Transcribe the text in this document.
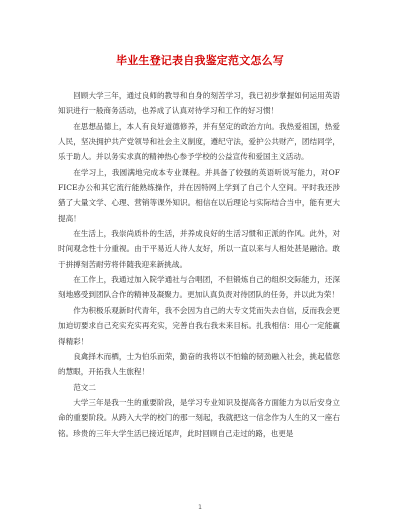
毕业生登记表自我鉴定范文怎么写

回顾大学三年，通过良师的教导和自身的刻苦学习，我已初步掌握如何运用英语知识进行一般商务活动，也养成了认真对待学习和工作的好习惯！

在思想品德上，本人有良好道德修养，并有坚定的政治方向。我热爱祖国，热爱人民，坚决拥护共产党领导和社会主义制度，遵纪守法，爱护公共财产，团结同学，乐于助人。并以务实求真的精神热心参予学校的公益宣传和爱国主义活动。

在学习上，我圆满地完成本专业课程。并具备了较强的英语听说写能力，对OFFICE办公和其它流行能熟练操作，并在因特网上学到了自己个人空间。平时我还涉猎了大量文学、心理、营销等课外知识。相信在以后理论与实际结合当中，能有更大提高！

在生活上，我崇尚质朴的生活，并养成良好的生活习惯和正派的作风。此外，对时间观念性十分重视。由于平易近人待人友好，所以一直以来与人相处甚是融洽。敢于拼搏刻苦耐劳将伴随我迎来新挑战。

在工作上，我通过加入院学通社与合唱团，不但锻炼自己的组织交际能力，还深刻地感受到团队合作的精神及凝聚力。更加认真负责对待团队的任务，并以此为荣！

作为积极乐观新时代青年，我不会因为自己的大专文凭而失去自信，反而我会更加迫切要求自己充实充实再充实，完善自我右我未来目标。扎我相信：用心一定能赢得精彩！

良禽择木而栖，士为伯乐而荣，勤奋的我将以不怕输的韧劲融入社会，挑起值您的慧眼，开拓我人生旅程！

范文二

大学三年是我一生的重要阶段，是学习专业知识及提高各方面能力为以后安身立命的重要阶段。从跨入大学的校门的那一刻起，我就把这一信念作为人生的又一座右铭。珍贵的三年大学生活已接近尾声，此时回顾自己走过的路，也更是

1
